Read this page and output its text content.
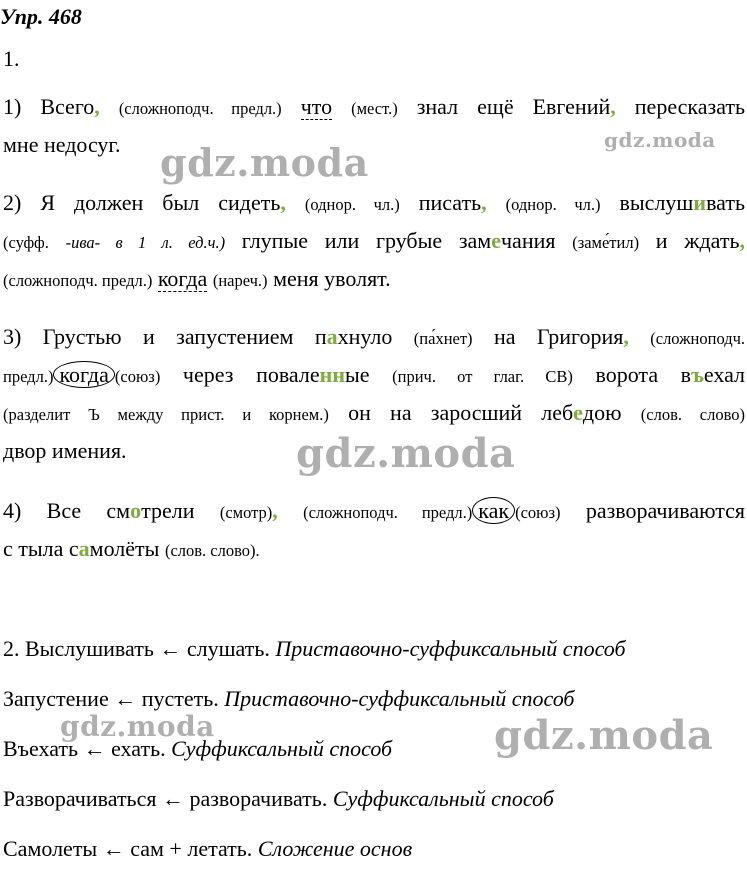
Упр. 468
1.
1) Всего, (сложноподч. предл.) что (мест.) знал ещё Евгений, пересказать
мне недосуг.
2) Я должен был сидеть, (однор. чл.) писать, (однор. чл.) выслушивать
(суфф. -ива- в 1 л. ед.ч.) глупые или грубые замечания (заме́тил) и ждать,
(сложноподч. предл.) когда (нареч.) меня уволят.
3) Грустью и запустением пахнуло (па́хнет) на Григория, (сложноподч.
предл.) когда (союз) через поваленные (прич. от глаг. СВ) ворота въехал
(разделит Ъ между прист. и корнем.) он на заросший лебедою (слов. слово)
двор имения.
4) Все смотрели (смотр), (сложноподч. предл.) как (союз) разворачиваются
с тыла самолёты (слов. слово).
2. Выслушивать ← слушать. Приставочно-суффиксальный способ
Запустение ← пустеть. Приставочно-суффиксальный способ
Въехать ← ехать. Суффиксальный способ
Разворачиваться ← разворачивать. Суффиксальный способ
Самолеты ← сам + летать. Сложение основ
gdz.moda	gdz.moda
gdz.moda
gdz.moda	gdz.moda
